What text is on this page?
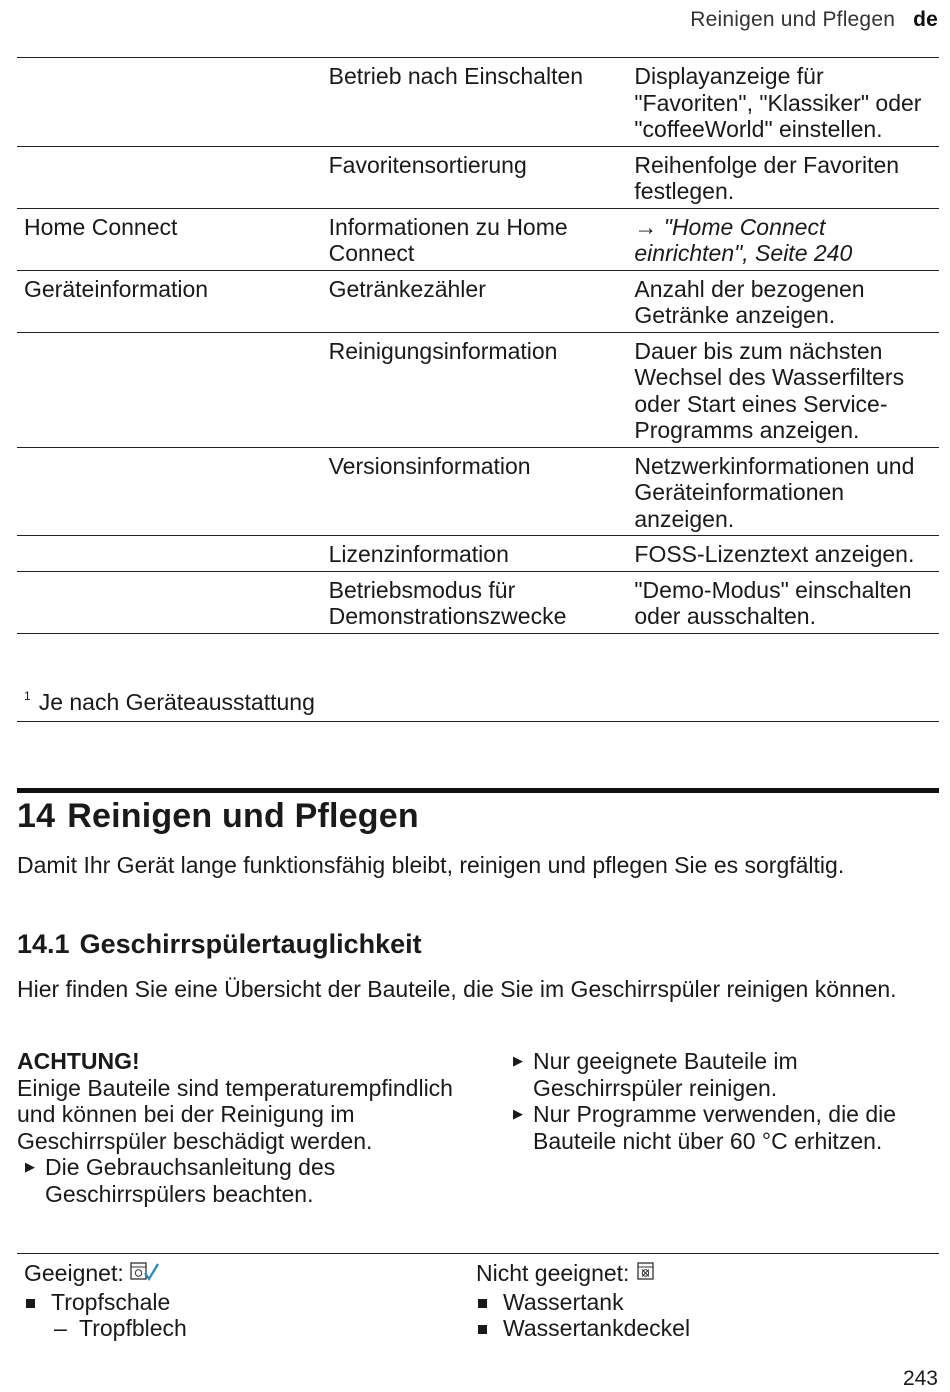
Reinigen und Pflegen de
	Betrieb nach Einschalten	Displayanzeige für "Favoriten", "Klassiker" oder "coffeeWorld" einstellen.
	Favoritensortierung	Reihenfolge der Favoriten festlegen.
Home Connect	Informationen zu Home Connect	→ "Home Connect einrichten", Seite 240
Geräteinformation	Getränkezähler	Anzahl der bezogenen Getränke anzeigen.
	Reinigungsinformation	Dauer bis zum nächsten Wechsel des Wasserfilters oder Start eines Service-Programms anzeigen.
	Versionsinformation	Netzwerkinformationen und Geräteinformationen anzeigen.
	Lizenzinformation	FOSS-Lizenztext anzeigen.
	Betriebsmodus für Demonstrationszwecke	"Demo-Modus" einschalten oder ausschalten.
$^1$ Je nach Geräteausstattung
14 Reinigen und Pflegen

Damit Ihr Gerät lange funktionsfähig bleibt, reinigen und pflegen Sie es sorgfältig.

14.1 Geschirrspülertauglichkeit

Hier finden Sie eine Übersicht der Bauteile, die Sie im Geschirrspüler reinigen können.

ACHTUNG!
Einige Bauteile sind temperaturempfindlich und können bei der Reinigung im Geschirrspüler beschädigt werden.
▶ Die Gebrauchsanleitung des Geschirrspülers beachten.
▶ Nur geeignete Bauteile im Geschirrspüler reinigen.
▶ Nur Programme verwenden, die die Bauteile nicht über 60 °C erhitzen.
Geeignet:
Tropfschale
– Tropfblech
Nicht geeignet:
Wassertank
Wassertankdeckel
243
